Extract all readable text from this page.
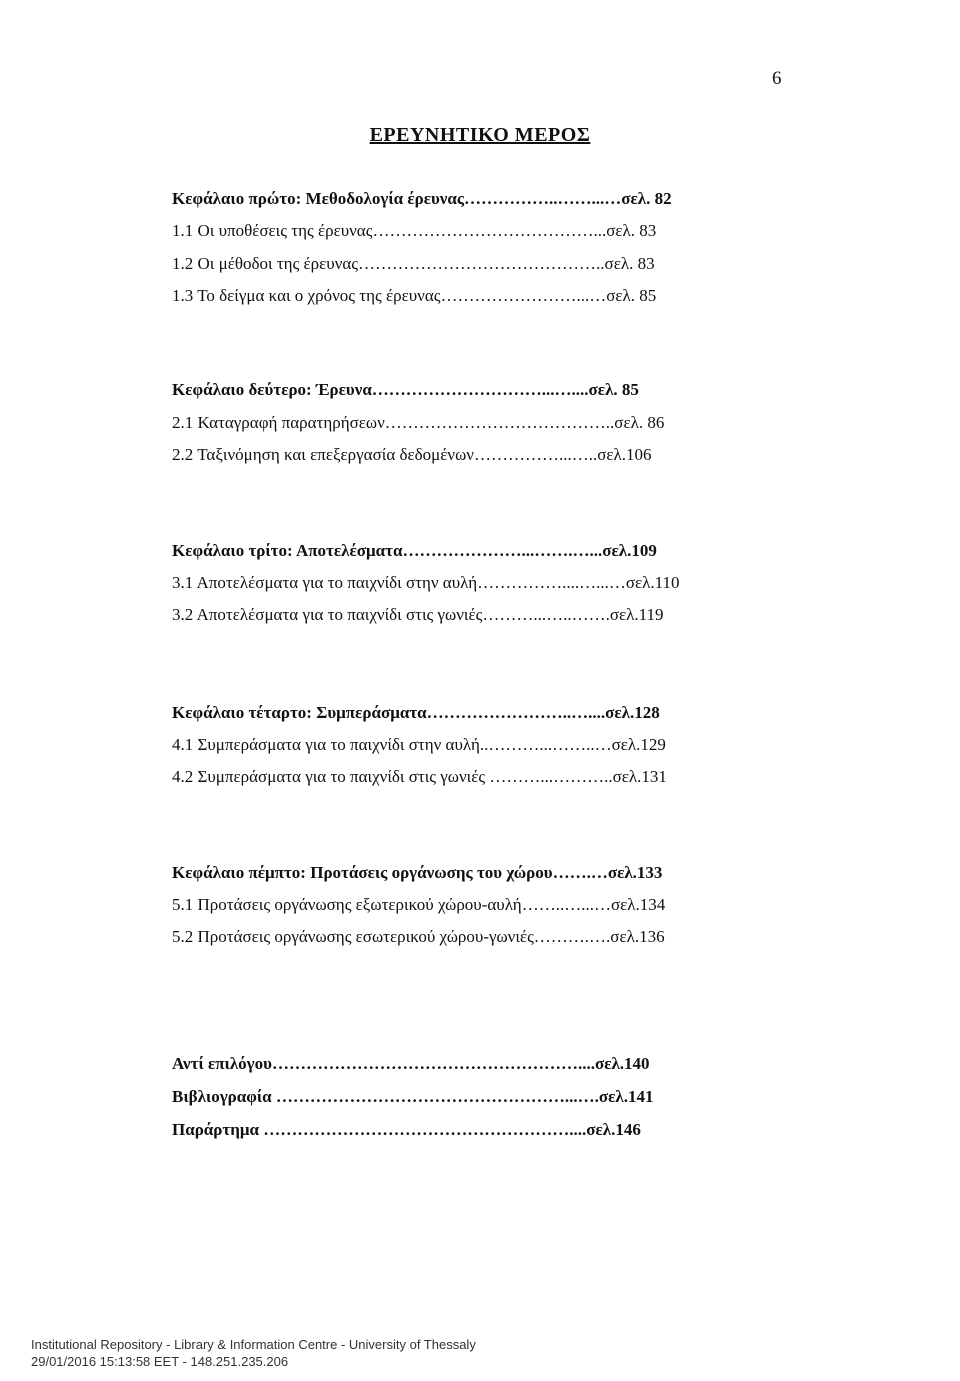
6
ΕΡΕΥΝΗΤΙΚΟ ΜΕΡΟΣ
Κεφάλαιο πρώτο: Μεθοδολογία έρευνας……………..……...…σελ. 82
1.1 Οι υποθέσεις της έρευνας…………………………………...σελ. 83
1.2 Οι μέθοδοι της έρευνας……………………………………..σελ. 83
1.3 Το δείγμα και ο χρόνος της έρευνας……………………...…σελ. 85
Κεφάλαιο δεύτερο: Έρευνα…………………………...…....σελ. 85
2.1 Καταγραφή παρατηρήσεων…………………………………..σελ. 86
2.2 Ταξινόμηση και επεξεργασία δεδομένων……………...…..σελ.106
Κεφάλαιο τρίτο: Αποτελέσματα…………………...…….…...σελ.109
3.1 Αποτελέσματα για το παιχνίδι στην αυλή……………....…...…σελ.110
3.2 Αποτελέσματα για το παιχνίδι στις γωνιές………...…..…….σελ.119
Κεφάλαιο τέταρτο: Συμπεράσματα……………………..…....σελ.128
4.1 Συμπεράσματα για το παιχνίδι στην αυλή..………...……..…σελ.129
4.2 Συμπεράσματα για το παιχνίδι στις γωνιές ………...………..σελ.131
Κεφάλαιο πέμπτο: Προτάσεις οργάνωσης του χώρου…….…σελ.133
5.1 Προτάσεις οργάνωσης εξωτερικού χώρου-αυλή……..…...…σελ.134
5.2 Προτάσεις οργάνωσης εσωτερικού χώρου-γωνιές……….….σελ.136
Αντί επιλόγου………………………………………………....σελ.140
Βιβλιογραφία ……………………………………………...….σελ.141
Παράρτημα ………………………………………………....σελ.146
Institutional Repository - Library & Information Centre - University of Thessaly
29/01/2016 15:13:58 EET - 148.251.235.206
